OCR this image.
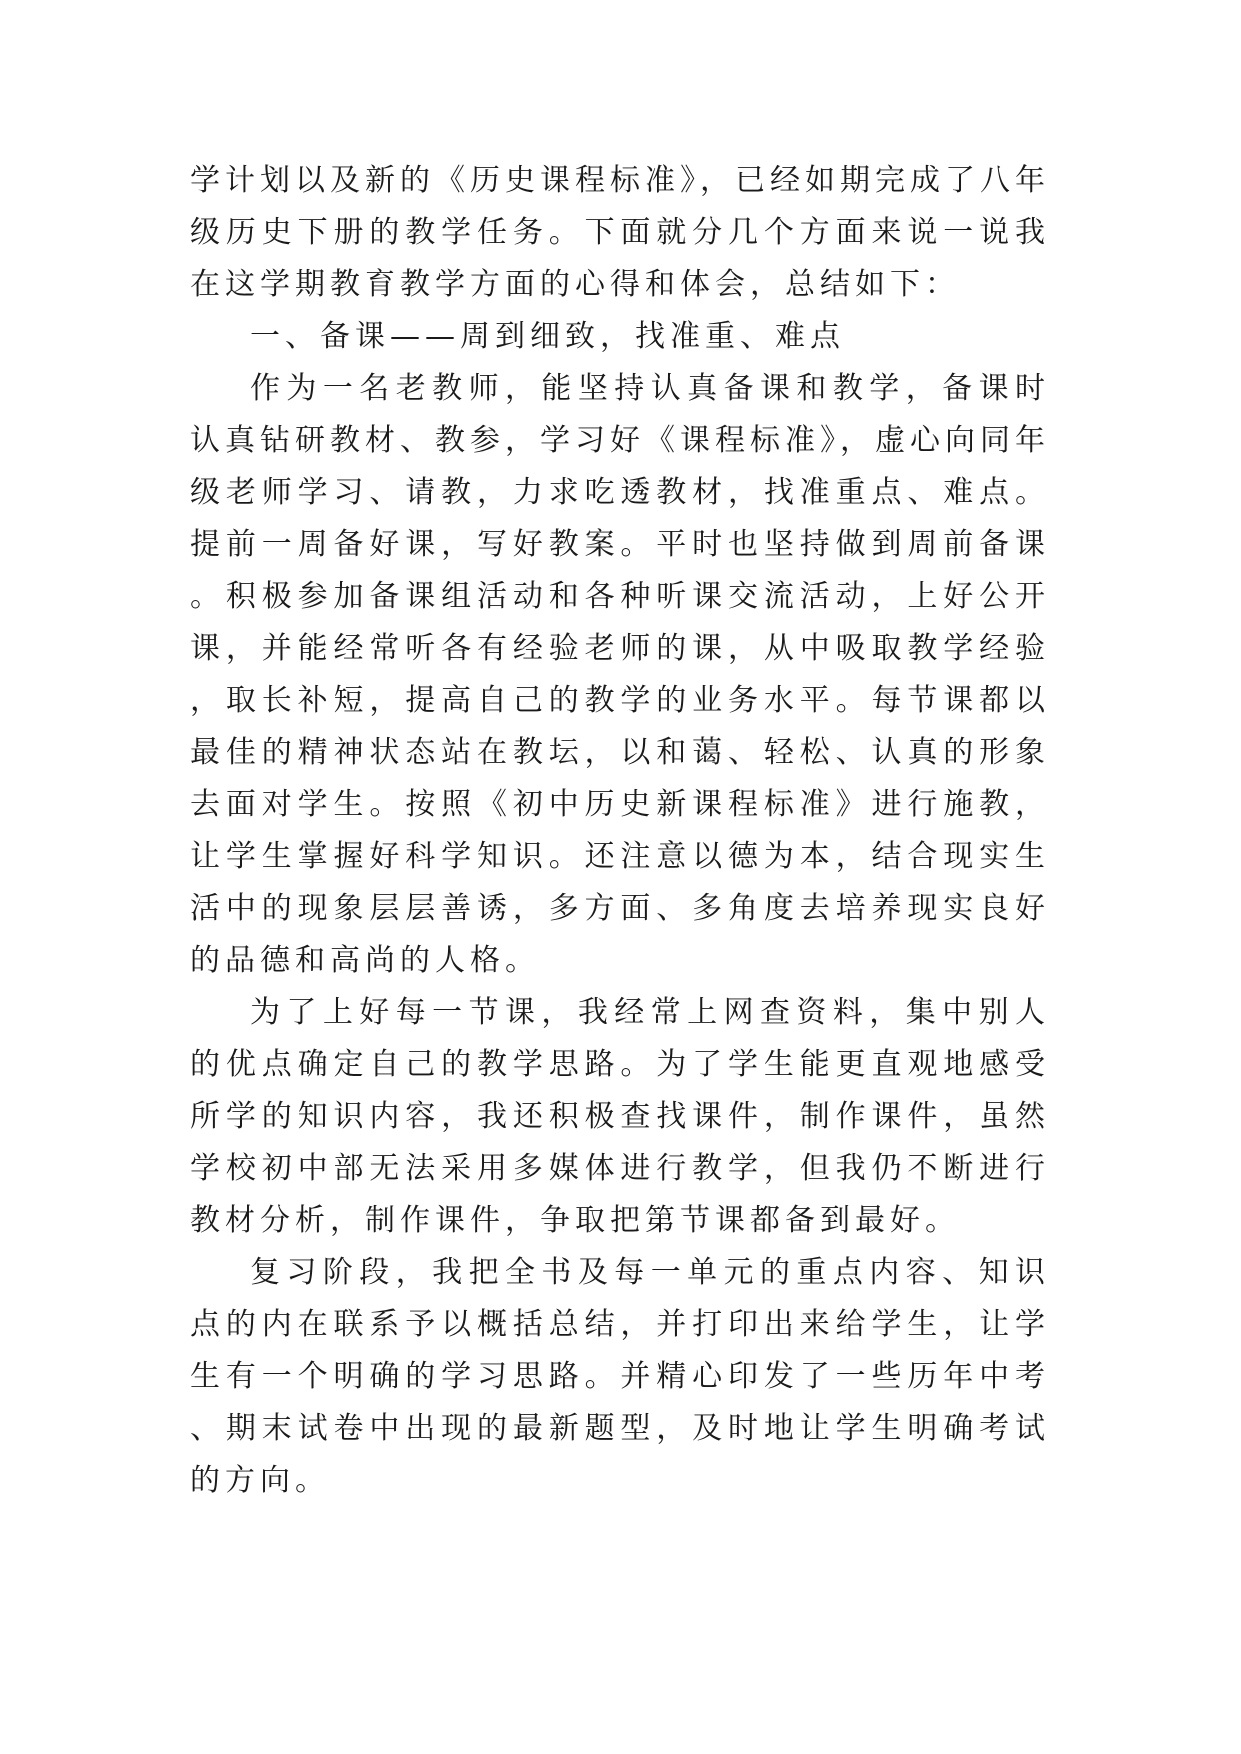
学计划以及新的《历史课程标准》，已经如期完成了八年级历史下册的教学任务。下面就分几个方面来说一说我在这学期教育教学方面的心得和体会，总结如下：

一、备课——周到细致，找准重、难点

作为一名老教师，能坚持认真备课和教学，备课时认真钻研教材、教参，学习好《课程标准》，虚心向同年级老师学习、请教，力求吃透教材，找准重点、难点。提前一周备好课，写好教案。平时也坚持做到周前备课。积极参加备课组活动和各种听课交流活动，上好公开课，并能经常听各有经验老师的课，从中吸取教学经验，取长补短，提高自己的教学的业务水平。每节课都以最佳的精神状态站在教坛，以和蔼、轻松、认真的形象去面对学生。按照《初中历史新课程标准》进行施教，让学生掌握好科学知识。还注意以德为本，结合现实生活中的现象层层善诱，多方面、多角度去培养现实良好的品德和高尚的人格。

为了上好每一节课，我经常上网查资料，集中别人的优点确定自己的教学思路。为了学生能更直观地感受所学的知识内容，我还积极查找课件，制作课件，虽然学校初中部无法采用多媒体进行教学，但我仍不断进行教材分析，制作课件，争取把第节课都备到最好。

复习阶段，我把全书及每一单元的重点内容、知识点的内在联系予以概括总结，并打印出来给学生，让学生有一个明确的学习思路。并精心印发了一些历年中考、期末试卷中出现的最新题型，及时地让学生明确考试的方向。
